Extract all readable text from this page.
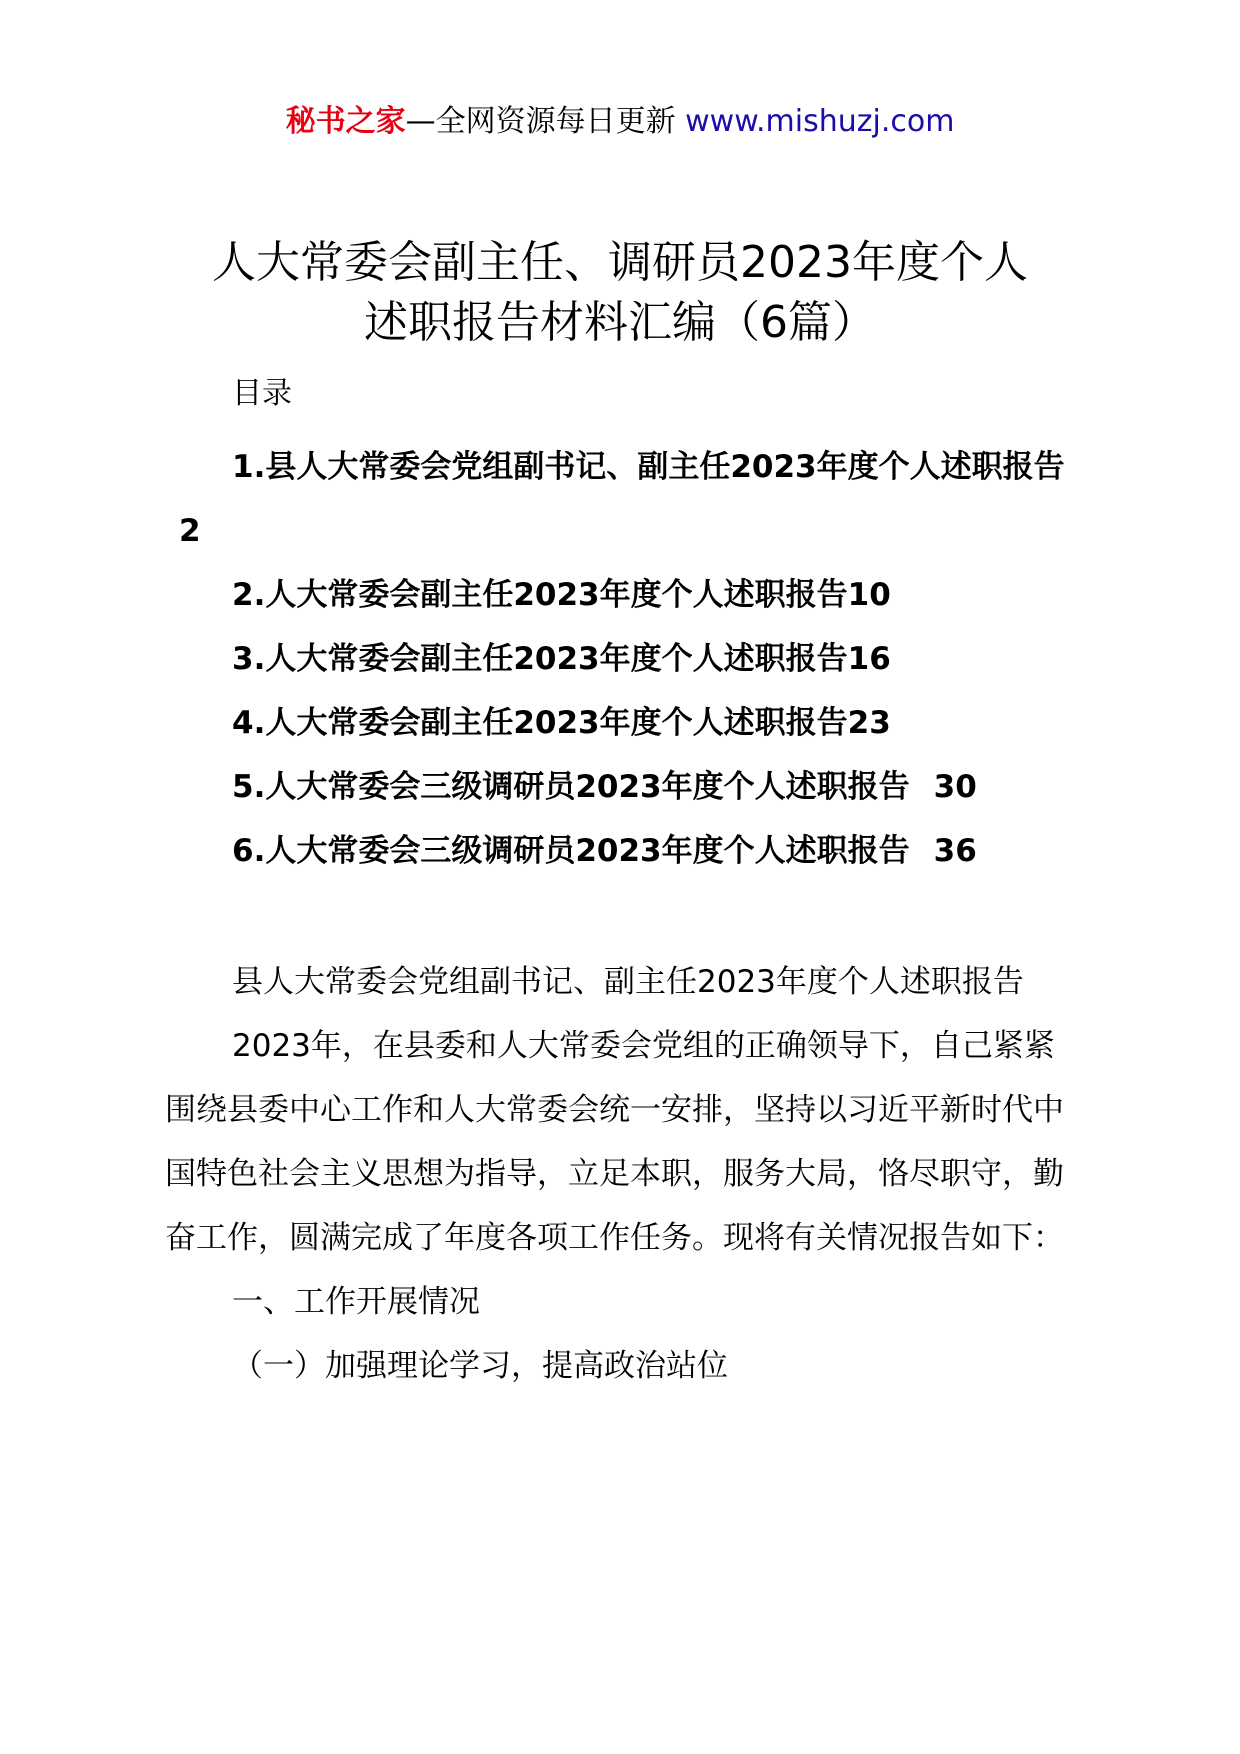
秘书之家—全网资源每日更新 www.mishuzj.com
人大常委会副主任、调研员2023年度个人
述职报告材料汇编（6篇）
目录
1.县人大常委会党组副书记、副主任2023年度个人述职报告2
2.人大常委会副主任2023年度个人述职报告10
3.人大常委会副主任2023年度个人述职报告16
4.人大常委会副主任2023年度个人述职报告23
5.人大常委会三级调研员2023年度个人述职报告 30
6.人大常委会三级调研员2023年度个人述职报告 36

县人大常委会党组副书记、副主任2023年度个人述职报告

2023年，在县委和人大常委会党组的正确领导下，自己紧紧围绕县委中心工作和人大常委会统一安排，坚持以习近平新时代中国特色社会主义思想为指导，立足本职，服务大局，恪尽职守，勤奋工作，圆满完成了年度各项工作任务。现将有关情况报告如下：

一、工作开展情况

（一）加强理论学习，提高政治站位
